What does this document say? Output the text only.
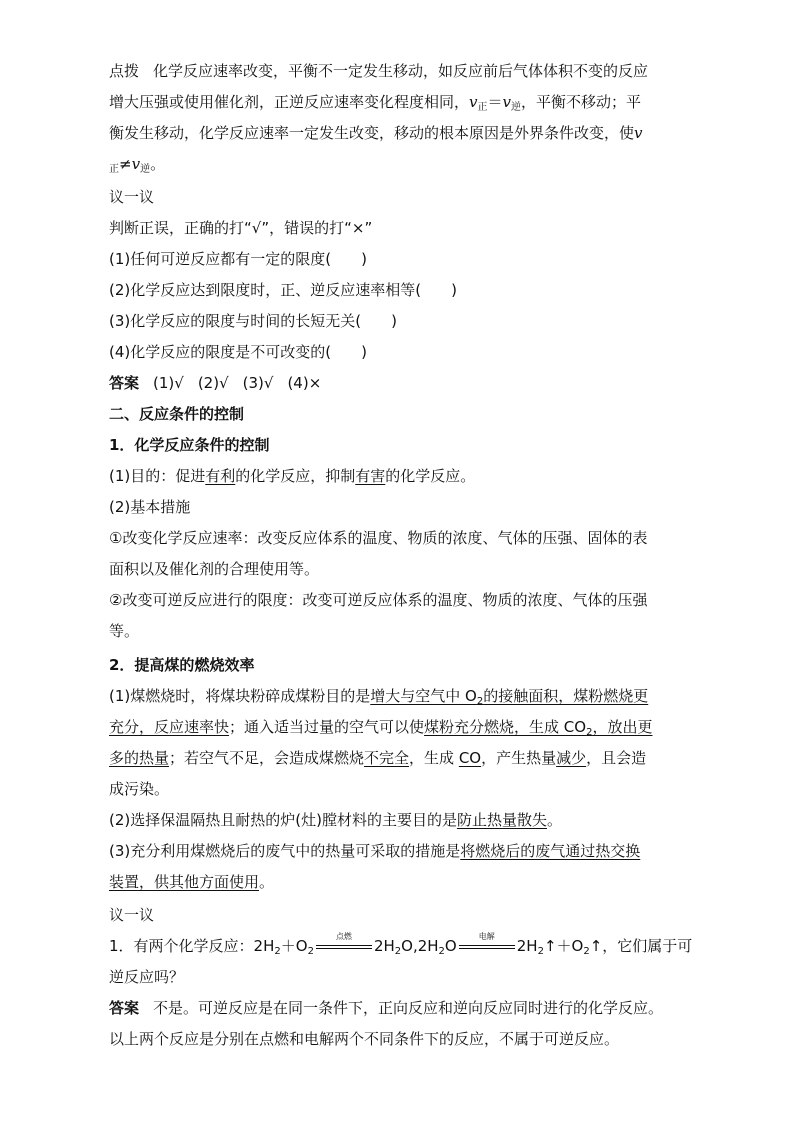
点拨 化学反应速率改变，平衡不一定发生移动，如反应前后气体体积不变的反应
增大压强或使用催化剂，正逆反应速率变化程度相同，$v_正=v_逆$，平衡不移动；平
衡发生移动，化学反应速率一定发生改变，移动的根本原因是外界条件改变，使v
$_正\ne v_逆$。
议一议
判断正误，正确的打“√”，错误的打“×”
(1)任何可逆反应都有一定的限度(　　)
(2)化学反应达到限度时，正、逆反应速率相等(　　)
(3)化学反应的限度与时间的长短无关(　　)
(4)化学反应的限度是不可改变的(　　)
答案 (1)√ (2)√ (3)√ (4)×
二、反应条件的控制
1．化学反应条件的控制
(1)目的：促进有利的化学反应，抑制有害的化学反应。
(2)基本措施
①改变化学反应速率：改变反应体系的温度、物质的浓度、气体的压强、固体的表
面积以及催化剂的合理使用等。
②改变可逆反应进行的限度：改变可逆反应体系的温度、物质的浓度、气体的压强
等。
2．提高煤的燃烧效率
(1)煤燃烧时，将煤块粉碎成煤粉目的是增大与空气中 $O_2$的接触面积，煤粉燃烧更
充分，反应速率快；通入适当过量的空气可以使煤粉充分燃烧，生成 $CO_2$，放出更
多的热量；若空气不足，会造成煤燃烧不完全，生成 CO，产生热量减少，且会造
成污染。
(2)选择保温隔热且耐热的炉(灶)膛材料的主要目的是防止热量散失。
(3)充分利用煤燃烧后的废气中的热量可采取的措施是将燃烧后的废气通过热交换
装置，供其他方面使用。
议一议
1．有两个化学反应：$2H_2+O_2$
点燃
$2H_2O,2H_2O$
电解
$2H_2↑+O_2↑$，它们属于可
逆反应吗？
答案 不是。可逆反应是在同一条件下，正向反应和逆向反应同时进行的化学反应。
以上两个反应是分别在点燃和电解两个不同条件下的反应，不属于可逆反应。
